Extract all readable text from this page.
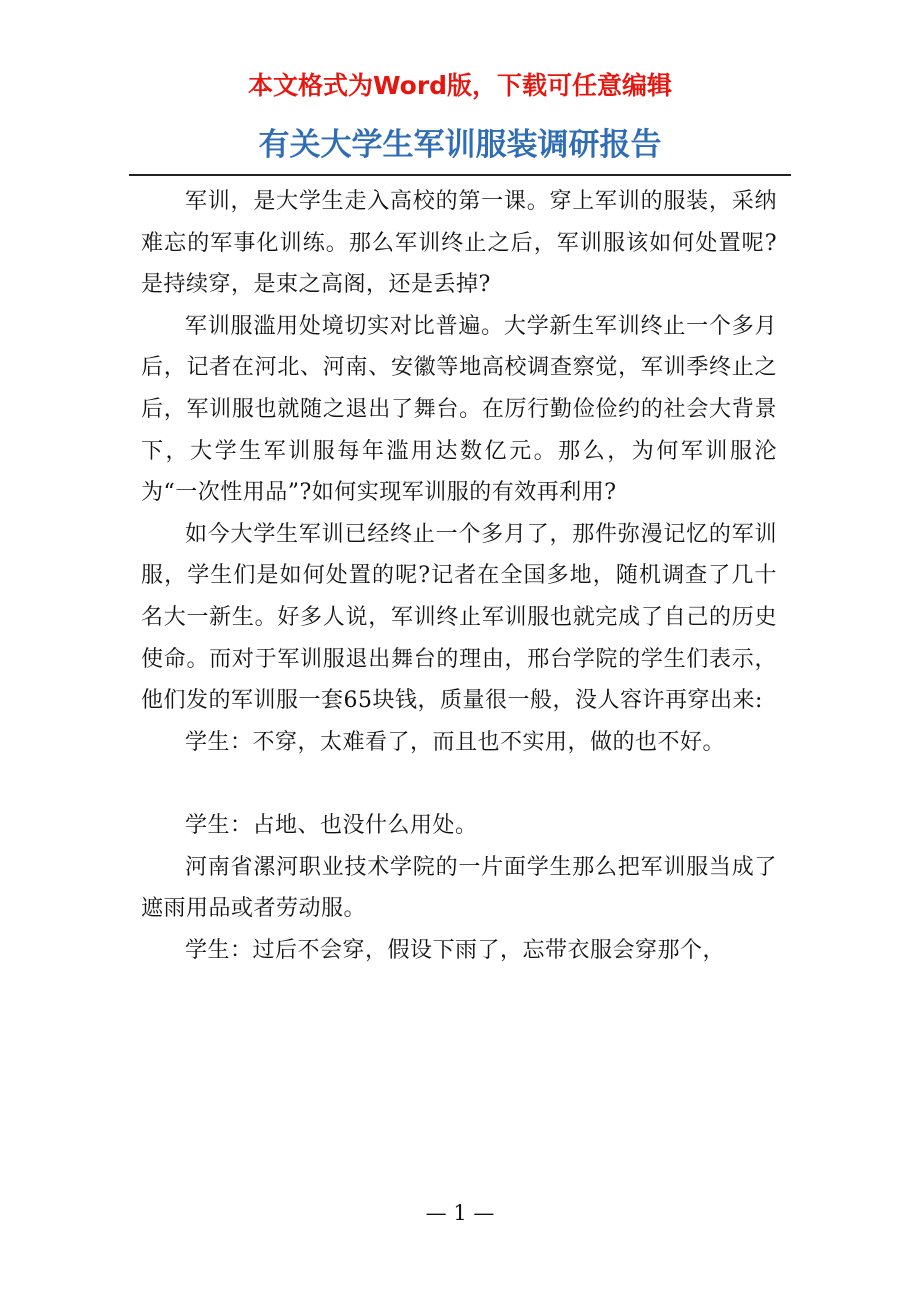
本文格式为Word版，下载可任意编辑
有关大学生军训服装调研报告

军训，是大学生走入高校的第一课。穿上军训的服装，采纳难忘的军事化训练。那么军训终止之后，军训服该如何处置呢?是持续穿，是束之高阁，还是丢掉?

军训服滥用处境切实对比普遍。大学新生军训终止一个多月后，记者在河北、河南、安徽等地高校调查察觉，军训季终止之后，军训服也就随之退出了舞台。在厉行勤俭俭约的社会大背景下，大学生军训服每年滥用达数亿元。那么，为何军训服沦为“一次性用品”?如何实现军训服的有效再利用?

如今大学生军训已经终止一个多月了，那件弥漫记忆的军训服，学生们是如何处置的呢?记者在全国多地，随机调查了几十名大一新生。好多人说，军训终止军训服也就完成了自己的历史使命。而对于军训服退出舞台的理由，邢台学院的学生们表示，他们发的军训服一套65块钱，质量很一般，没人容许再穿出来:

学生：不穿，太难看了，而且也不实用，做的也不好。

学生：占地、也没什么用处。

河南省漯河职业技术学院的一片面学生那么把军训服当成了遮雨用品或者劳动服。

学生：过后不会穿，假设下雨了，忘带衣服会穿那个，

— 1 —
